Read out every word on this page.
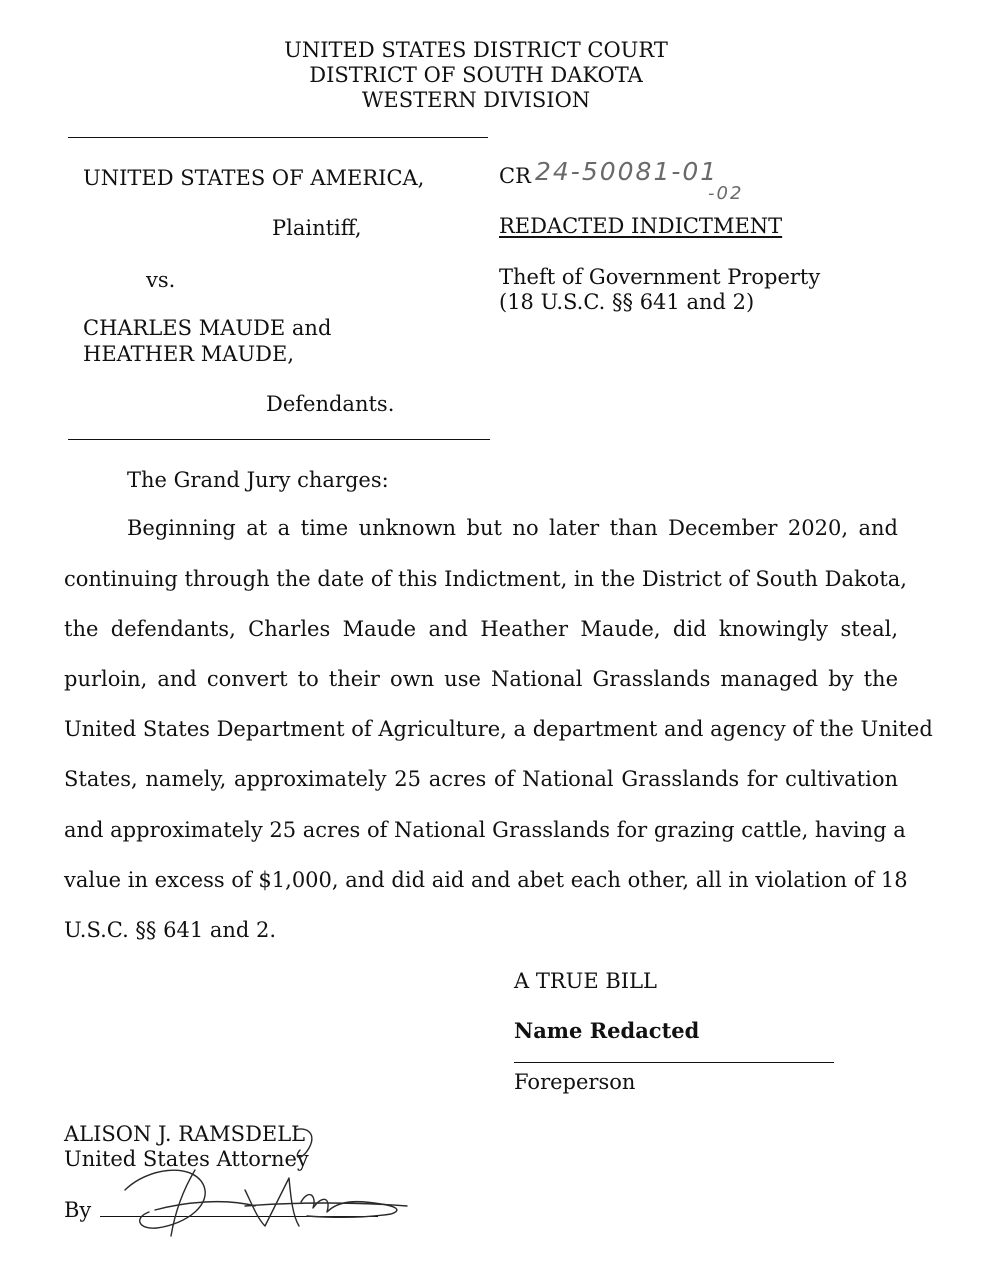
UNITED STATES DISTRICT COURT
DISTRICT OF SOUTH DAKOTA
WESTERN DIVISION
UNITED STATES OF AMERICA,
Plaintiff,
vs.
CHARLES MAUDE and
HEATHER MAUDE,
Defendants.
CR 24-50081-01
-02
REDACTED INDICTMENT
Theft of Government Property
(18 U.S.C. §§ 641 and 2)
The Grand Jury charges:
Beginning at a time unknown but no later than December 2020, and
continuing through the date of this Indictment, in the District of South Dakota,
the defendants, Charles Maude and Heather Maude, did knowingly steal,
purloin, and convert to their own use National Grasslands managed by the
United States Department of Agriculture, a department and agency of the United
States, namely, approximately 25 acres of National Grasslands for cultivation
and approximately 25 acres of National Grasslands for grazing cattle, having a
value in excess of $1,000, and did aid and abet each other, all in violation of 18
U.S.C. §§ 641 and 2.
A TRUE BILL
Name Redacted
Foreperson
ALISON J. RAMSDELL
United States Attorney
By
